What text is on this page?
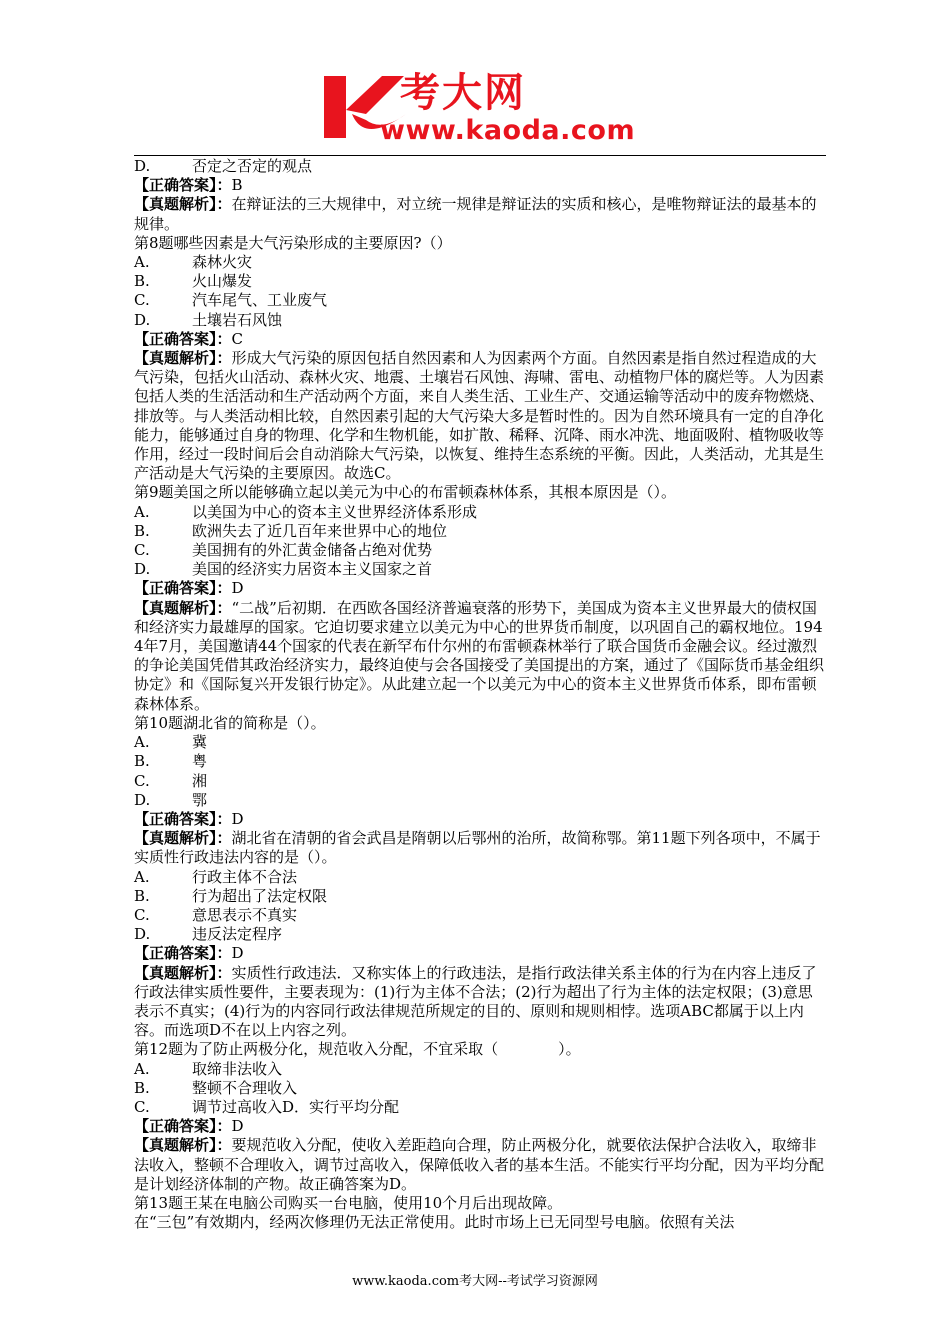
考大网
www.kaoda.com
D.	否定之否定的观点

【正确答案】：B

【真题解析】：在辩证法的三大规律中，对立统一规律是辩证法的实质和核心，是唯物辩证法的最基本的规律。

第8题哪些因素是大气污染形成的主要原因?（）

A.	森林火灾
B.	火山爆发
C.	汽车尾气、工业废气
D.	土壤岩石风蚀

【正确答案】：C

【真题解析】：形成大气污染的原因包括自然因素和人为因素两个方面。自然因素是指自然过程造成的大气污染，包括火山活动、森林火灾、地震、土壤岩石风蚀、海啸、雷电、动植物尸体的腐烂等。人为因素包括人类的生活活动和生产活动两个方面，来自人类生活、工业生产、交通运输等活动中的废弃物燃烧、排放等。与人类活动相比较，自然因素引起的大气污染大多是暂时性的。因为自然环境具有一定的自净化能力，能够通过自身的物理、化学和生物机能，如扩散、稀释、沉降、雨水冲洗、地面吸附、植物吸收等作用，经过一段时间后会自动消除大气污染，以恢复、维持生态系统的平衡。因此，人类活动，尤其是生产活动是大气污染的主要原因。故选C。

第9题美国之所以能够确立起以美元为中心的布雷顿森林体系，其根本原因是（）。

A.	以美国为中心的资本主义世界经济体系形成
B.	欧洲失去了近几百年来世界中心的地位
C.	美国拥有的外汇黄金储备占绝对优势
D.	美国的经济实力居资本主义国家之首

【正确答案】：D

【真题解析】：“二战”后初期．在西欧各国经济普遍衰落的形势下，美国成为资本主义世界最大的债权国和经济实力最雄厚的国家。它迫切要求建立以美元为中心的世界货币制度，以巩固自己的霸权地位。194

4年7月，美国邀请44个国家的代表在新罕布什尔州的布雷顿森林举行了联合国货币金融会议。经过激烈的争论美国凭借其政治经济实力，最终迫使与会各国接受了美国提出的方案，通过了《国际货币基金组织协定》和《国际复兴开发银行协定》。从此建立起一个以美元为中心的资本主义世界货币体系，即布雷顿森林体系。

第10题湖北省的简称是（）。

A.	冀
B.	粤
C.	湘
D.	鄂

【正确答案】：D

【真题解析】：湖北省在清朝的省会武昌是隋朝以后鄂州的治所，故简称鄂。第11题下列各项中，不属于实质性行政违法内容的是（）。

A.	行政主体不合法
B.	行为超出了法定权限
C.	意思表示不真实
D.	违反法定程序

【正确答案】：D

【真题解析】：实质性行政违法．又称实体上的行政违法，是指行政法律关系主体的行为在内容上违反了行政法律实质性要件，主要表现为：(1)行为主体不合法；(2)行为超出了行为主体的法定权限；(3)意思表示不真实；(4)行为的内容同行政法律规范所规定的目的、原则和规则相悖。选项ABC都属于以上内容。而选项D不在以上内容之列。

第12题为了防止两极分化，规范收入分配，不宜采取（　　　　）。

A.	取缔非法收入
B.	整顿不合理收入
C.	调节过高收入D．实行平均分配

【正确答案】：D

【真题解析】：要规范收入分配，使收入差距趋向合理，防止两极分化，就要依法保护合法收入，取缔非法收入，整顿不合理收入，调节过高收入，保障低收入者的基本生活。不能实行平均分配，因为平均分配是计划经济体制的产物。故正确答案为D。

第13题王某在电脑公司购买一台电脑，使用10个月后出现故障。

在“三包”有效期内，经两次修理仍无法正常使用。此时市场上已无同型号电脑。依照有关法

www.kaoda.com考大网--考试学习资源网
